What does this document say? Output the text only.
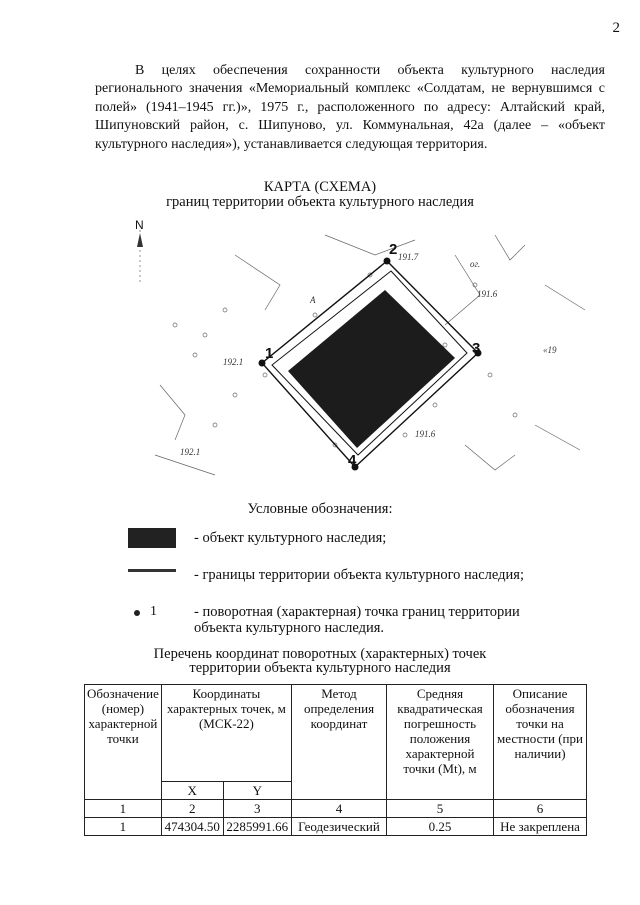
2
В целях обеспечения сохранности объекта культурного наследия регионального значения «Мемориальный комплекс «Солдатам, не вернувшимся с полей» (1941–1945 гг.)», 1975 г., расположенного по адресу: Алтайский край, Шипуновский район, с. Шипуново, ул. Коммунальная, 42а (далее – «объект культурного наследия»), устанавливается следующая территория.
КАРТА (СХЕМА)
границ территории объекта культурного наследия
N
1
2
3
4
191.7
191.6
192.1
191.6
192.1
«19
A
ог.
Условные обозначения:
- объект культурного наследия;
- границы территории объекта культурного наследия;
1	- поворотная (характерная) точка границ территории объекта культурного наследия.
Перечень координат поворотных (характерных) точек
территории объекта культурного наследия
Обозначение (номер) характерной точки	Координаты характерных точек, м (МСК-22)		Метод определения координат	Средняя квадратическая погрешность положения характерной точки (Mt), м	Описание обозначения точки на местности (при наличии)
	X	Y			
1	2	3	4	5	6
1	474304.50	2285991.66	Геодезический	0.25	Не закреплена
